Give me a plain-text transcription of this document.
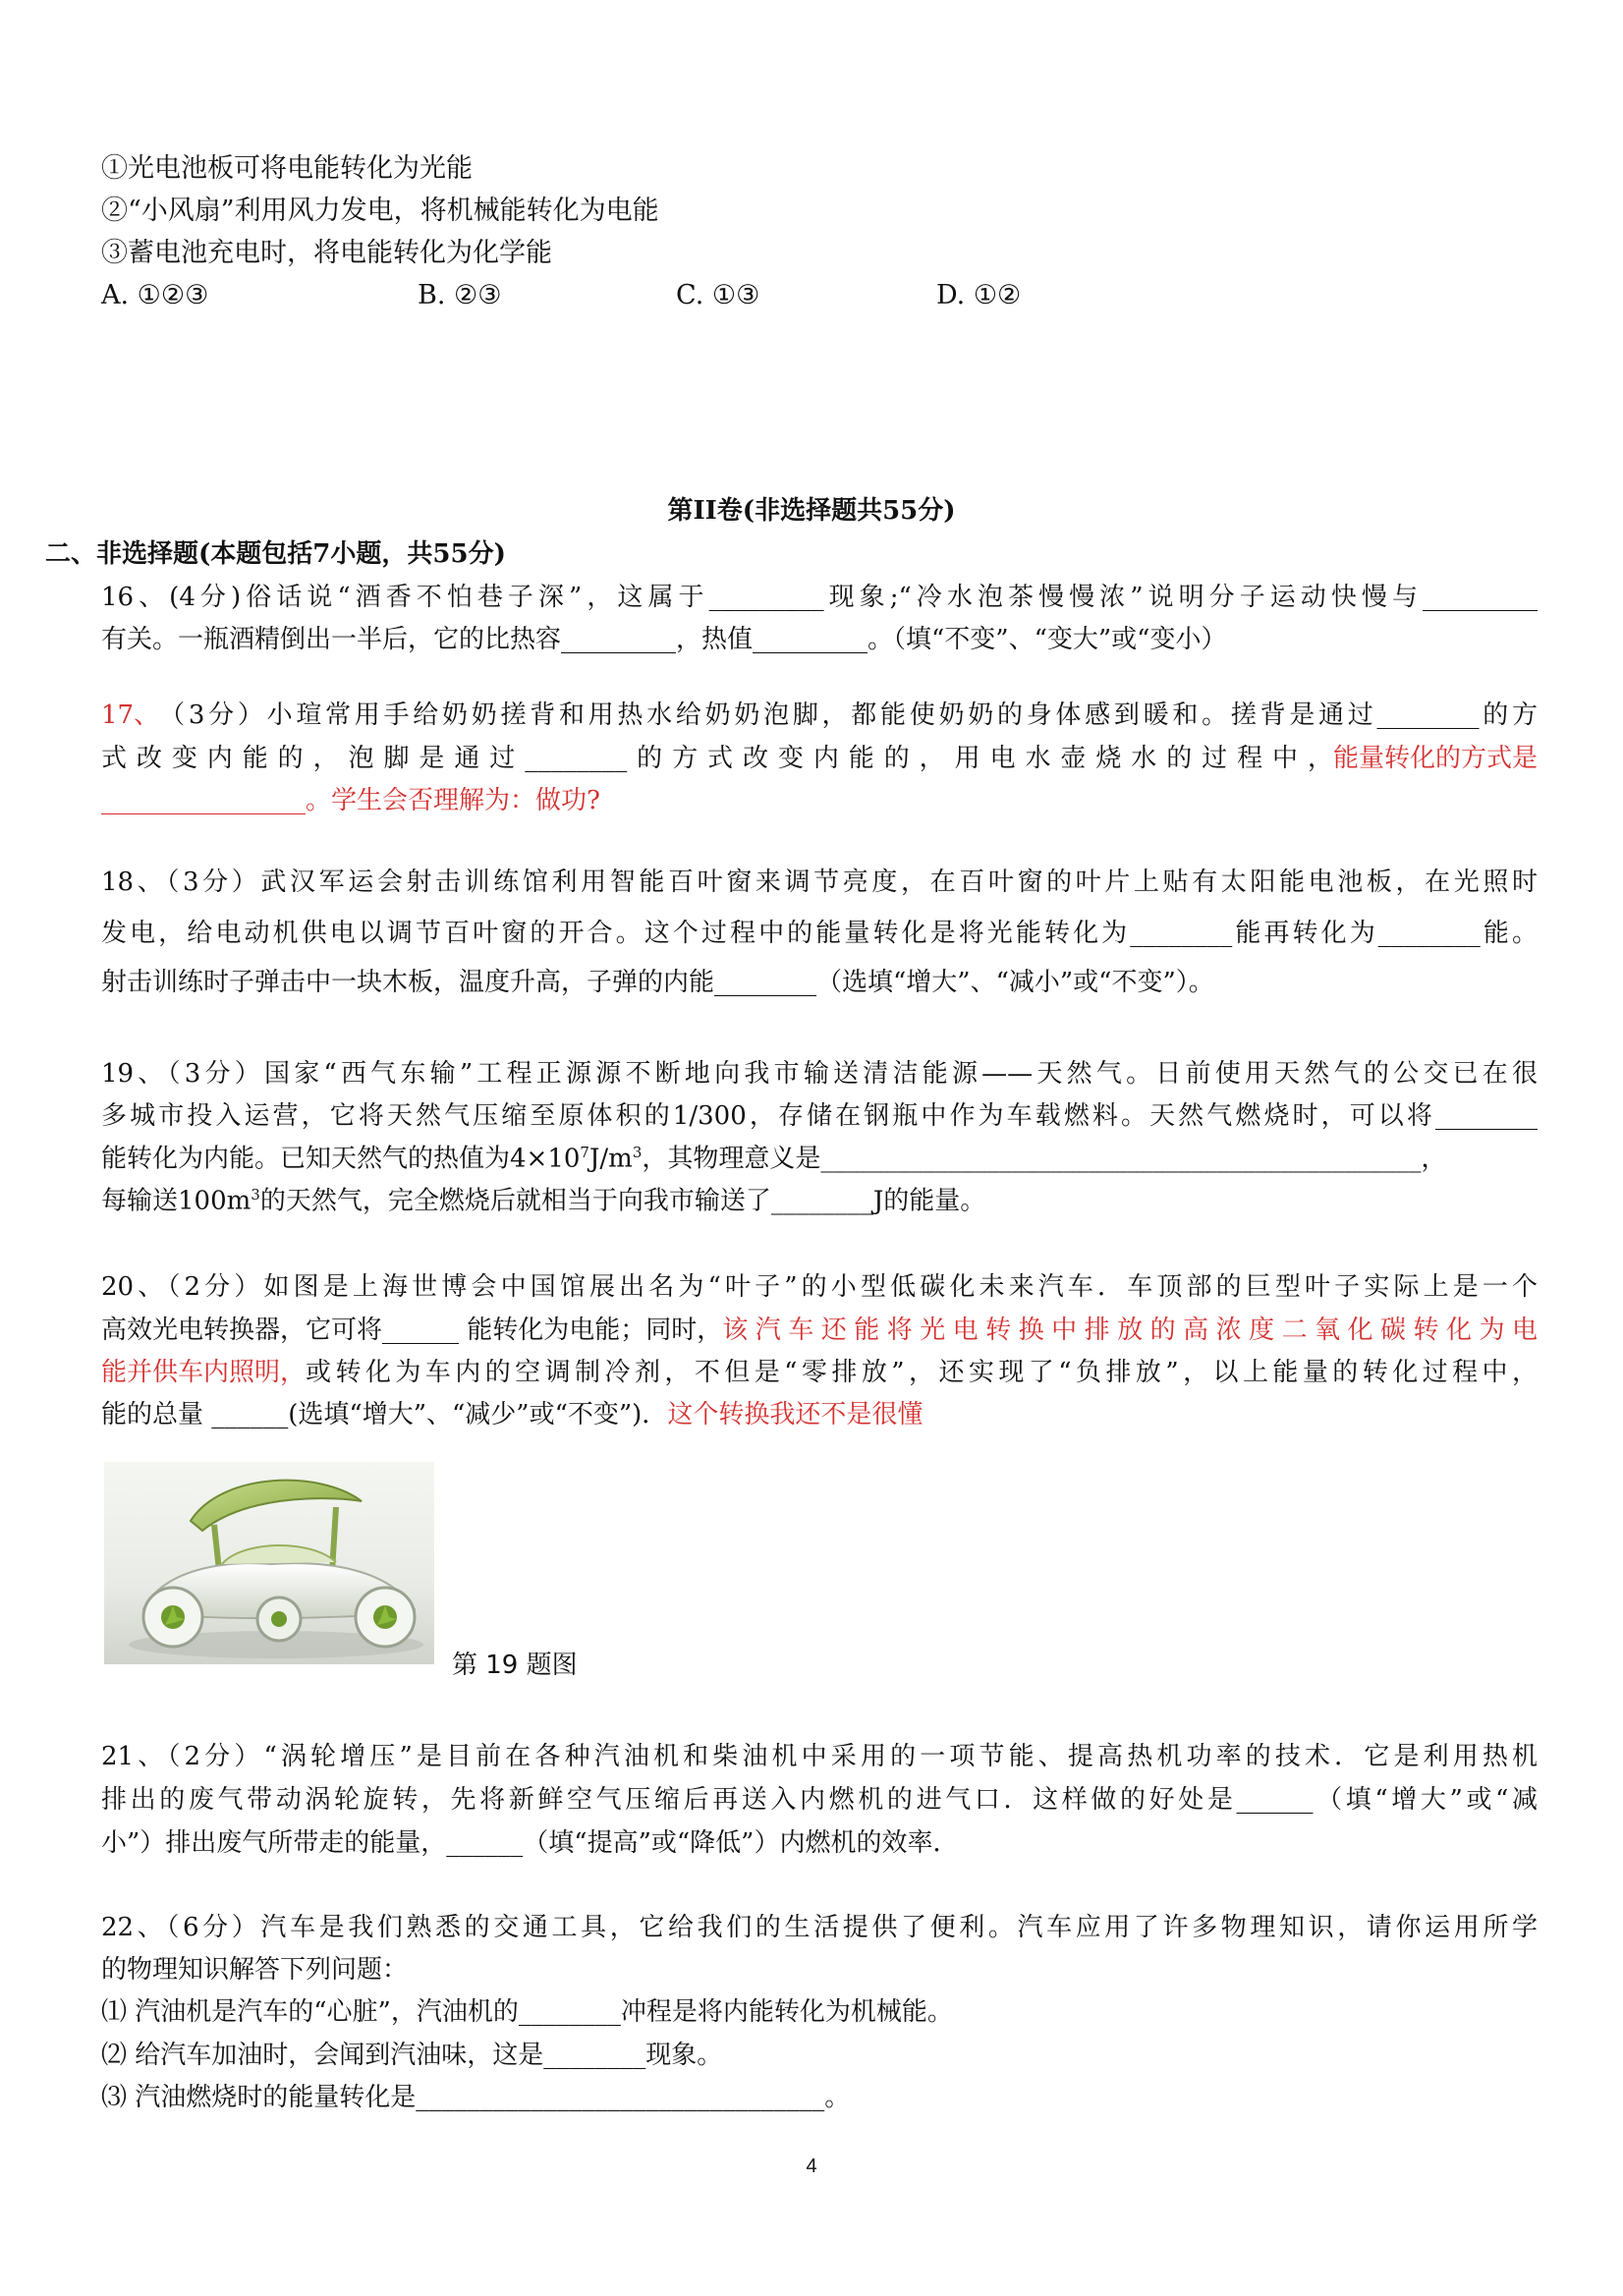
①光电池板可将电能转化为光能
②“小风扇”利用风力发电，将机械能转化为电能
③蓄电池充电时，将电能转化为化学能
A. ①②③	B. ②③	C. ①③	D. ①②
第II卷(非选择题共55分)
二、非选择题(本题包括7小题，共55分)
16、(4分)俗话说“酒香不怕巷子深”，这属于_________现象;“冷水泡茶慢慢浓”说明分子运动快慢与_________
有关。一瓶酒精倒出一半后，它的比热容_________，热值_________。（填“不变”、“变大”或“变小）
17、 （3分）小瑄常用手给奶奶搓背和用热水给奶奶泡脚，都能使奶奶的身体感到暖和。搓背是通过________的方
式改变内能的，泡脚是通过________的方式改变内能的，用电水壶烧水的过程中， 能量转化的方式是
________________。学生会否理解为：做功?
18、（3分）武汉军运会射击训练馆利用智能百叶窗来调节亮度，在百叶窗的叶片上贴有太阳能电池板，在光照时
发电，给电动机供电以调节百叶窗的开合。这个过程中的能量转化是将光能转化为________能再转化为________能。
射击训练时子弹击中一块木板，温度升高，子弹的内能________（选填“增大”、“减小”或“不变”）。
19、（3分）国家“西气东输”工程正源源不断地向我市输送清洁能源——天然气。日前使用天然气的公交已在很
多城市投入运营，它将天然气压缩至原体积的1/300，存储在钢瓶中作为车载燃料。天然气燃烧时，可以将________
能转化为内能。已知天然气的热值为$4\times 10^7J/m^3$，其物理意义是_______________________________________________，
每输送$100m^3$的天然气，完全燃烧后就相当于向我市输送了________J的能量。
20、（2分）如图是上海世博会中国馆展出名为“叶子”的小型低碳化未来汽车．车顶部的巨型叶子实际上是一个
高效光电转换器，它可将______ 能转化为电能；同时， 该汽车还能将光电转换中排放的高浓度二氧化碳转化为电
能并供车内照明， 或转化为车内的空调制冷剂，不但是“零排放”，还实现了“负排放”，以上能量的转化过程中，
能的总量 ______(选填“增大”、“减少”或“不变”)．这个转换我还不是很懂
第 19 题图
21、（2分）“涡轮增压”是目前在各种汽油机和柴油机中采用的一项节能、提高热机功率的技术．它是利用热机
排出的废气带动涡轮旋转，先将新鲜空气压缩后再送入内燃机的进气口．这样做的好处是______（填“增大”或“减
小”）排出废气所带走的能量，______（填“提高”或“降低”）内燃机的效率．
22、（6分）汽车是我们熟悉的交通工具，它给我们的生活提供了便利。汽车应用了许多物理知识，请你运用所学
的物理知识解答下列问题：
⑴ 汽油机是汽车的“心脏”，汽油机的________冲程是将内能转化为机械能。
⑵ 给汽车加油时，会闻到汽油味，这是________现象。
⑶ 汽油燃烧时的能量转化是________________________________。
4
